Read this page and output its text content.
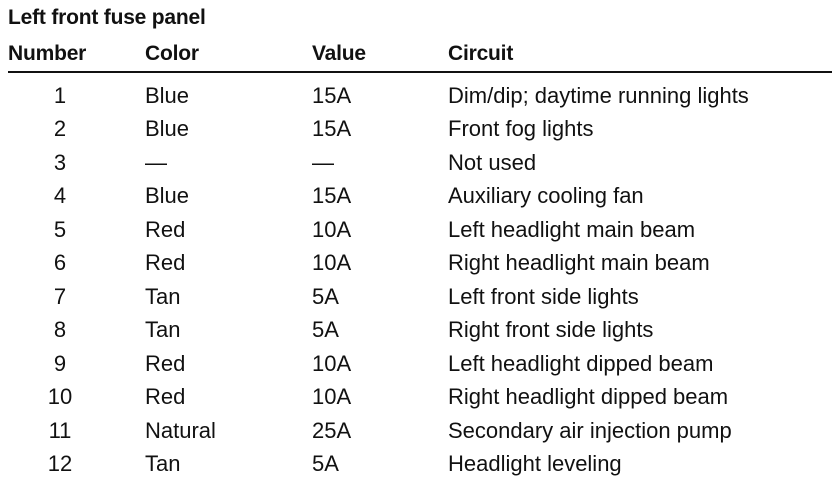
Left front fuse panel
Number	Color	Value	Circuit
1	Blue	15A	Dim/dip; daytime running lights
2	Blue	15A	Front fog lights
3	—	—	Not used
4	Blue	15A	Auxiliary cooling fan
5	Red	10A	Left headlight main beam
6	Red	10A	Right headlight main beam
7	Tan	5A	Left front side lights
8	Tan	5A	Right front side lights
9	Red	10A	Left headlight dipped beam
10	Red	10A	Right headlight dipped beam
11	Natural	25A	Secondary air injection pump
12	Tan	5A	Headlight leveling
